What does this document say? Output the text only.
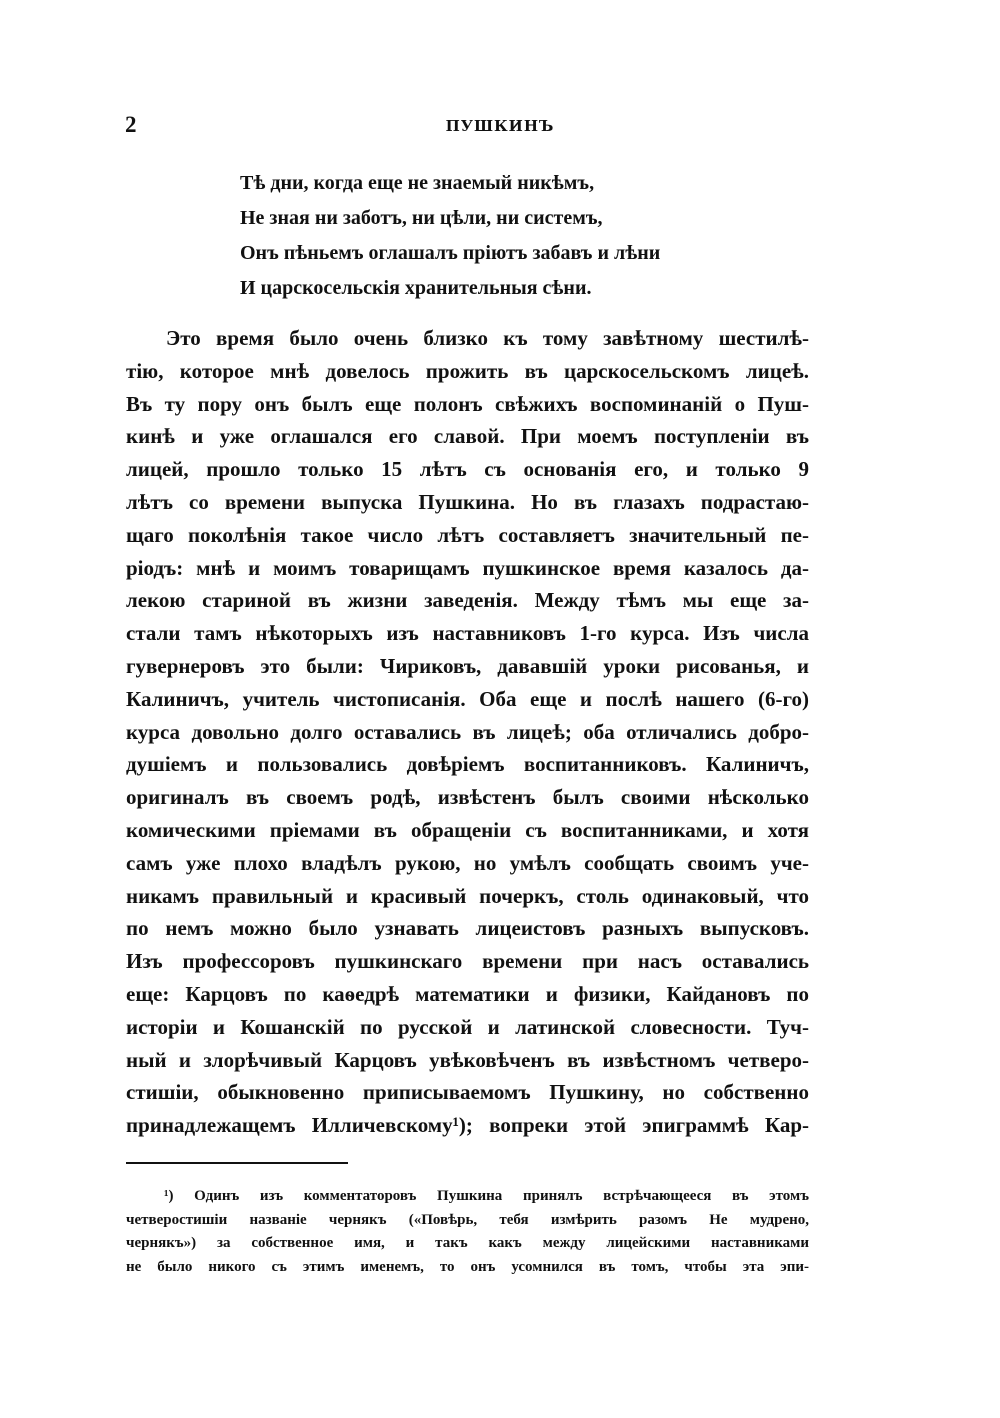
2	ПУШКИНЪ
Тѣ дни, когда еще не знаемый никѣмъ,
Не зная ни заботъ, ни цѣли, ни системъ,
Онъ пѣньемъ оглашалъ пріютъ забавъ и лѣни
И царскосельскія хранительныя сѣни.
Это время было очень близко къ тому завѣтному шестилѣ-
тію, которое мнѣ довелось прожить въ царскосельскомъ лицеѣ.
Въ ту пору онъ былъ еще полонъ свѣжихъ воспоминаній о Пуш-
кинѣ и уже оглашался его славой. При моемъ поступленіи въ
лицей, прошло только 15 лѣтъ съ основанія его, и только 9
лѣтъ со времени выпуска Пушкина. Но въ глазахъ подрастаю-
щаго поколѣнія такое число лѣтъ составляетъ значительный пе-
ріодъ: мнѣ и моимъ товарищамъ пушкинское время казалось да-
лекою стариной въ жизни заведенія. Между тѣмъ мы еще за-
стали тамъ нѣкоторыхъ изъ наставниковъ 1-го курса. Изъ числа
гувернеровъ это были: Чириковъ, дававшій уроки рисованья, и
Калиничъ, учитель чистописанія. Оба еще и послѣ нашего (6-го)
курса довольно долго оставались въ лицеѣ; оба отличались добро-
душіемъ и пользовались довѣріемъ воспитанниковъ. Калиничъ,
оригиналъ въ своемъ родѣ, извѣстенъ былъ своими нѣсколько
комическими пріемами въ обращеніи съ воспитанниками, и хотя
самъ уже плохо владѣлъ рукою, но умѣлъ сообщать своимъ уче-
никамъ правильный и красивый почеркъ, столь одинаковый, что
по немъ можно было узнавать лицеистовъ разныхъ выпусковъ.
Изъ профессоровъ пушкинскаго времени при насъ оставались
еще: Карцовъ по каѳедрѣ математики и физики, Кайдановъ по
исторіи и Кошанскій по русской и латинской словесности. Туч-
ный и злорѣчивый Карцовъ увѣковѣченъ въ извѣстномъ четверо-
стишіи, обыкновенно приписываемомъ Пушкину, но собственно
принадлежащемъ Илличевскому¹); вопреки этой эпиграммѣ Кар-
¹) Одинъ изъ комментаторовъ Пушкина принялъ встрѣчающееся въ этомъ
четверостишіи названіе чернякъ («Повѣрь, тебя измѣрить разомъ Не мудрено,
чернякъ») за собственное имя, и такъ какъ между лицейскими наставниками
не было никого съ этимъ именемъ, то онъ усомнился въ томъ, чтобы эта эпи-
